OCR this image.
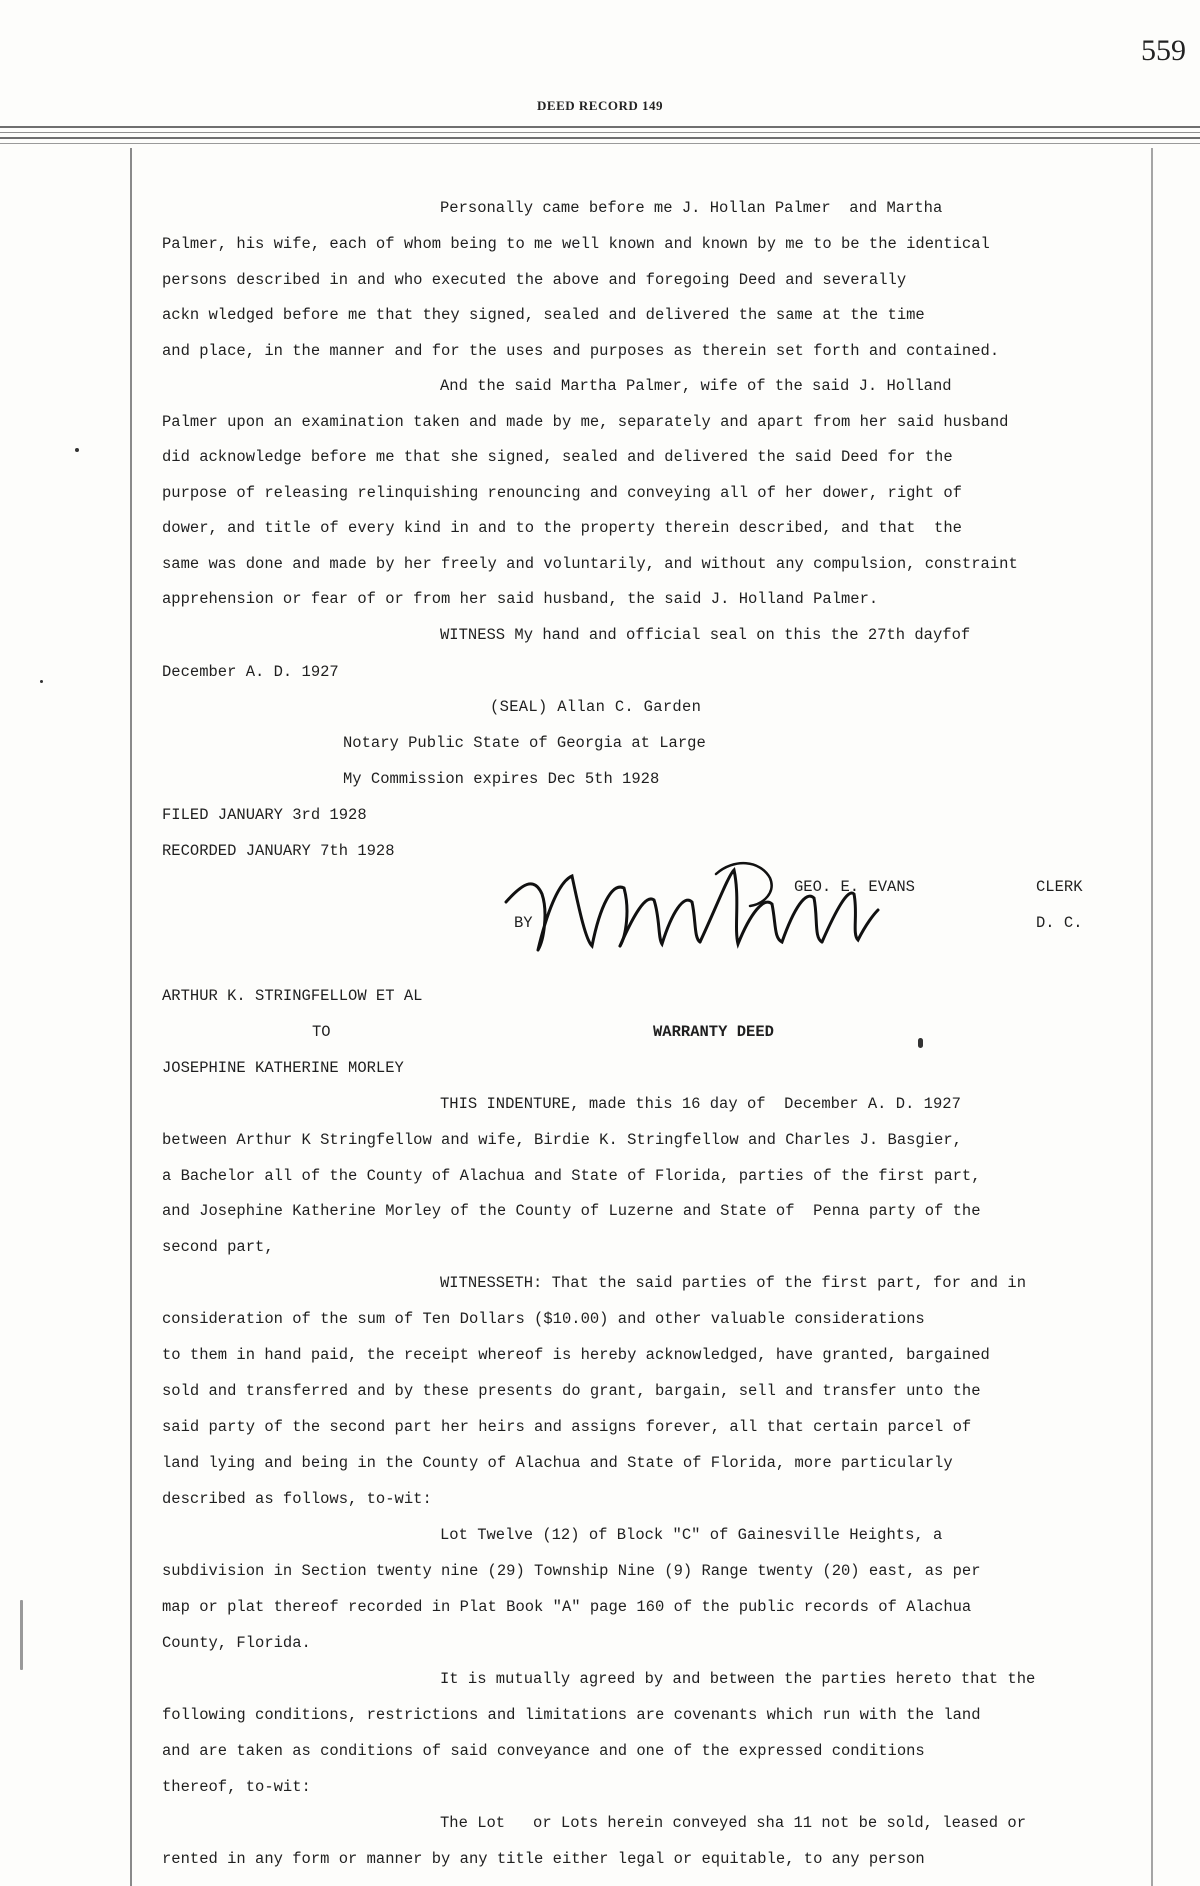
559
DEED RECORD 149
Personally came before me J. Hollan Palmer  and Martha
Palmer, his wife, each of whom being to me well known and known by me to be the identical
persons described in and who executed the above and foregoing Deed and severally
ackn wledged before me that they signed, sealed and delivered the same at the time
and place, in the manner and for the uses and purposes as therein set forth and contained.
And the said Martha Palmer, wife of the said J. Holland
Palmer upon an examination taken and made by me, separately and apart from her said husband
did acknowledge before me that she signed, sealed and delivered the said Deed for the
purpose of releasing relinquishing renouncing and conveying all of her dower, right of
dower, and title of every kind in and to the property therein described, and that  the
same was done and made by her freely and voluntarily, and without any compulsion, constraint
apprehension or fear of or from her said husband, the said J. Holland Palmer.
WITNESS My hand and official seal on this the 27th dayfof
December A. D. 1927
(SEAL) Allan C. Garden
Notary Public State of Georgia at Large
My Commission expires Dec 5th 1928
FILED JANUARY 3rd 1928
RECORDED JANUARY 7th 1928
GEO. E. EVANS	CLERK
BY	D. C.
ARTHUR K. STRINGFELLOW ET AL
TO	WARRANTY DEED
JOSEPHINE KATHERINE MORLEY
THIS INDENTURE, made this 16 day of  December A. D. 1927
between Arthur K Stringfellow and wife, Birdie K. Stringfellow and Charles J. Basgier,
a Bachelor all of the County of Alachua and State of Florida, parties of the first part,
and Josephine Katherine Morley of the County of Luzerne and State of  Penna party of the
second part,
WITNESSETH: That the said parties of the first part, for and in
consideration of the sum of Ten Dollars ($10.00) and other valuable considerations
to them in hand paid, the receipt whereof is hereby acknowledged, have granted, bargained
sold and transferred and by these presents do grant, bargain, sell and transfer unto the
said party of the second part her heirs and assigns forever, all that certain parcel of
land lying and being in the County of Alachua and State of Florida, more particularly
described as follows, to-wit:
Lot Twelve (12) of Block "C" of Gainesville Heights, a
subdivision in Section twenty nine (29) Township Nine (9) Range twenty (20) east, as per
map or plat thereof recorded in Plat Book "A" page 160 of the public records of Alachua
County, Florida.
It is mutually agreed by and between the parties hereto that the
following conditions, restrictions and limitations are covenants which run with the land
and are taken as conditions of said conveyance and one of the expressed conditions
thereof, to-wit:
The Lot   or Lots herein conveyed sha 11 not be sold, leased or
rented in any form or manner by any title either legal or equitable, to any person
